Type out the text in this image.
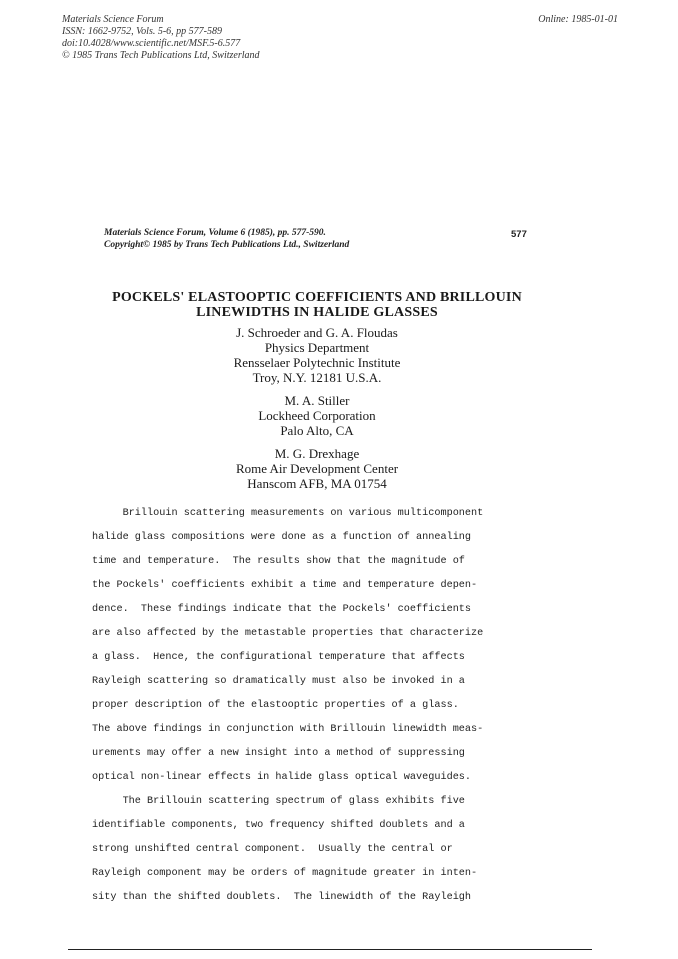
Materials Science Forum
ISSN: 1662-9752, Vols. 5-6, pp 577-589
doi:10.4028/www.scientific.net/MSF.5-6.577
© 1985 Trans Tech Publications Ltd, Switzerland
Online: 1985-01-01
Materials Science Forum, Volume 6 (1985), pp. 577-590.
Copyright© 1985 by Trans Tech Publications Ltd., Switzerland
577
POCKELS' ELASTOOPTIC COEFFICIENTS AND BRILLOUIN
LINEWIDTHS IN HALIDE GLASSES
J. Schroeder and G. A. Floudas
Physics Department
Rensselaer Polytechnic Institute
Troy, N.Y. 12181 U.S.A.
M. A. Stiller
Lockheed Corporation
Palo Alto, CA
M. G. Drexhage
Rome Air Development Center
Hanscom AFB, MA 01754
Brillouin scattering measurements on various multicomponent
halide glass compositions were done as a function of annealing
time and temperature.  The results show that the magnitude of
the Pockels' coefficients exhibit a time and temperature depen-
dence.  These findings indicate that the Pockels' coefficients
are also affected by the metastable properties that characterize
a glass.  Hence, the configurational temperature that affects
Rayleigh scattering so dramatically must also be invoked in a
proper description of the elastooptic properties of a glass.
The above findings in conjunction with Brillouin linewidth meas-
urements may offer a new insight into a method of suppressing
optical non-linear effects in halide glass optical waveguides.
The Brillouin scattering spectrum of glass exhibits five
identifiable components, two frequency shifted doublets and a
strong unshifted central component.  Usually the central or
Rayleigh component may be orders of magnitude greater in inten-
sity than the shifted doublets.  The linewidth of the Rayleigh
